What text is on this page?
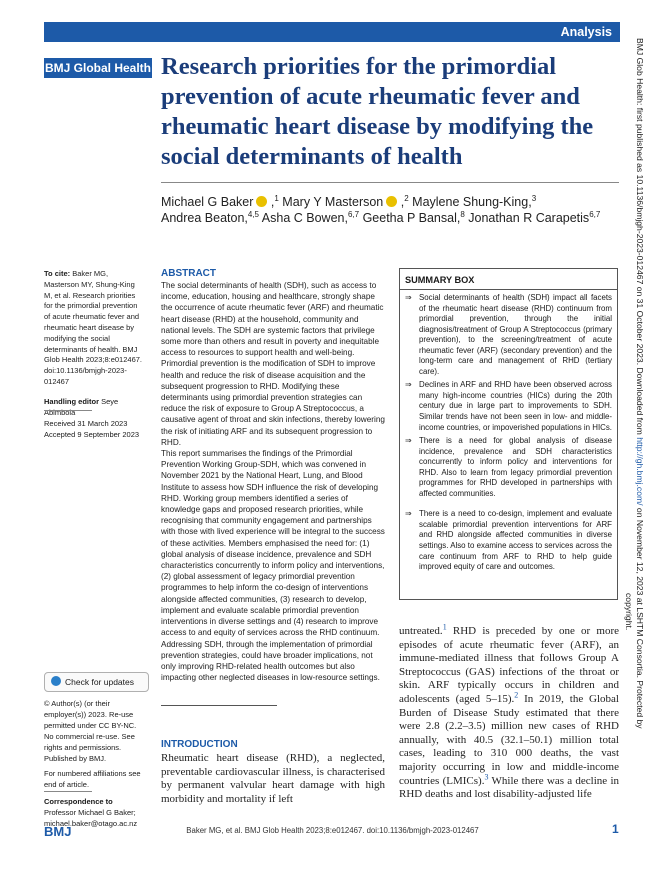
Analysis
BMJ Global Health Research priorities for the primordial prevention of acute rheumatic fever and rheumatic heart disease by modifying the social determinants of health
Michael G Baker ,$^1$ Mary Y Masterson ,$^2$ Maylene Shung-King,$^3$
Andrea Beaton,$^{4,5}$ Asha C Bowen,$^{6,7}$ Geetha P Bansal,$^8$ Jonathan R Carapetis$^{6,7}$
To cite: Baker MG, Masterson MY, Shung-King M, et al. Research priorities for the primordial prevention of acute rheumatic fever and rheumatic heart disease by modifying the social determinants of health. BMJ Glob Health 2023;8:e012467. doi:10.1136/bmjgh-2023-012467
Handling editor Seye Abimbola
Received 31 March 2023
Accepted 9 September 2023
Check for updates
© Author(s) (or their employer(s)) 2023. Re-use permitted under CC BY-NC. No commercial re-use. See rights and permissions. Published by BMJ.
For numbered affiliations see end of article.
Correspondence to
Professor Michael G Baker;
michael.baker@otago.ac.nz
ABSTRACT

The social determinants of health (SDH), such as access to income, education, housing and healthcare, strongly shape the occurrence of acute rheumatic fever (ARF) and rheumatic heart disease (RHD) at the household, community and national levels. The SDH are systemic factors that privilege some more than others and result in poverty and inequitable access to resources to support health and well-being. Primordial prevention is the modification of SDH to improve health and reduce the risk of disease acquisition and the subsequent progression to RHD. Modifying these determinants using primordial prevention strategies can reduce the risk of exposure to Group A Streptococcus, a causative agent of throat and skin infections, thereby lowering the risk of initiating ARF and its subsequent progression to RHD.

This report summarises the findings of the Primordial Prevention Working Group-SDH, which was convened in November 2021 by the National Heart, Lung, and Blood Institute to assess how SDH influence the risk of developing RHD. Working group members identified a series of knowledge gaps and proposed research priorities, while recognising that community engagement and partnerships with those with lived experience will be integral to the success of these activities. Members emphasised the need for: (1) global analysis of disease incidence, prevalence and SDH characteristics concurrently to inform policy and interventions, (2) global assessment of legacy primordial prevention programmes to help inform the co-design of interventions alongside affected communities, (3) research to develop, implement and evaluate scalable primordial prevention interventions in diverse settings and (4) research to improve access to and equity of services across the RHD continuum. Addressing SDH, through the implementation of primordial prevention strategies, could have broader implications, not only improving RHD-related health outcomes but also impacting other neglected diseases in low-resource settings.

INTRODUCTION

Rheumatic heart disease (RHD), a neglected, preventable cardiovascular illness, is characterised by permanent valvular heart damage with high morbidity and mortality if left

SUMMARY BOX
⇒ Social determinants of health (SDH) impact all facets of the rheumatic heart disease (RHD) continuum from primordial prevention, through the initial diagnosis/treatment of Group A Streptococcus (primary prevention), to the screening/treatment of acute rheumatic fever (ARF) (secondary prevention) and the long-term care and management of RHD (tertiary care).
⇒ Declines in ARF and RHD have been observed across many high-income countries (HICs) during the 20th century due in large part to improvements to SDH. Similar trends have not been seen in low- and middle-income countries, or impoverished populations in HICs.
⇒ There is a need for global analysis of disease incidence, prevalence and SDH characteristics concurrently to inform policy and interventions for RHD. Also to learn from legacy primordial prevention programmes for RHD developed in partnerships with affected communities.
⇒ There is a need to co-design, implement and evaluate scalable primordial prevention interventions for ARF and RHD alongside affected communities in diverse settings. Also to examine access to services across the care continuum from ARF to RHD to help guide improved equity of care and outcomes.

untreated.$^1$ RHD is preceded by one or more episodes of acute rheumatic fever (ARF), an immune-mediated illness that follows Group A Streptococcus (GAS) infections of the throat or skin. ARF typically occurs in children and adolescents (aged 5–15).$^2$ In 2019, the Global Burden of Disease Study estimated that there were 2.8 (2.2–3.5) million new cases of RHD annually, with 40.5 (32.1–50.1) million total cases, leading to 310 000 deaths, the vast majority occurring in low and middle-income countries (LMICs).$^3$ While there was a decline in RHD deaths and lost disability-adjusted life

BMJ Glob Health: first published as 10.1136/bmjgh-2023-012467 on 31 October 2023. Downloaded from http://gh.bmj.com/ on November 12, 2023 at LSHTM Consortia. Protected by
copyright.
BMJ	Baker MG, et al. BMJ Glob Health 2023;8:e012467. doi:10.1136/bmjgh-2023-012467	1
